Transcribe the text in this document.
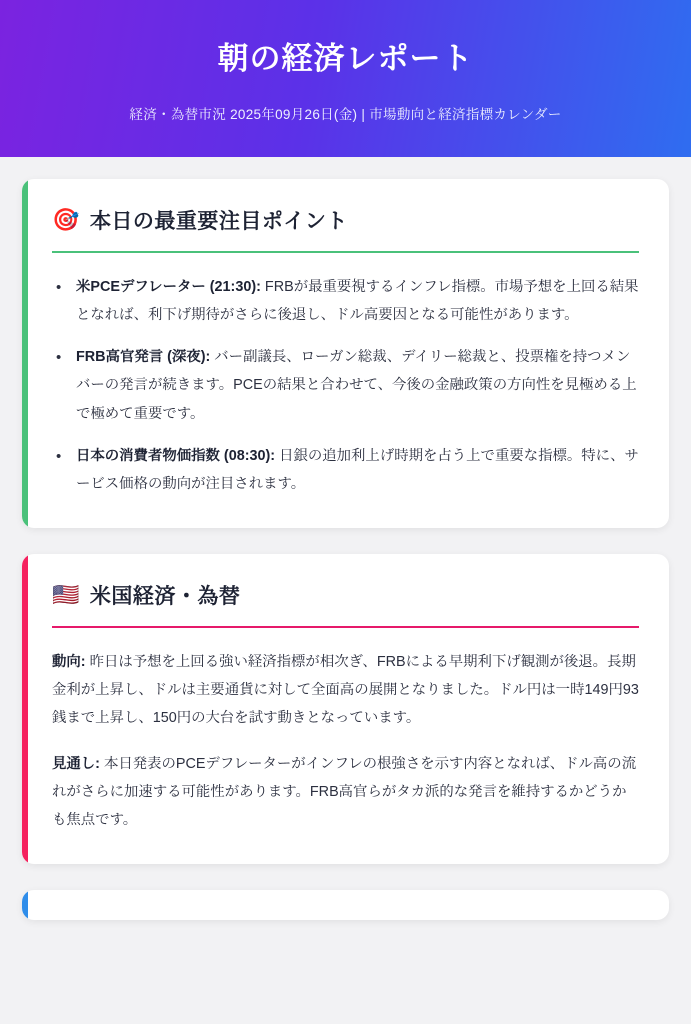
朝の経済レポート
経済・為替市況 2025年09月26日(金) | 市場動向と経済指標カレンダー
🎯 本日の最重要注目ポイント
• 米PCEデフレーター (21:30): FRBが最重要視するインフレ指標。市場予想を上回る結果となれば、利下げ期待がさらに後退し、ドル高要因となる可能性があります。
• FRB高官発言 (深夜): バー副議長、ローガン総裁、デイリー総裁と、投票権を持つメンバーの発言が続きます。PCEの結果と合わせて、今後の金融政策の方向性を見極める上で極めて重要です。
• 日本の消費者物価指数 (08:30): 日銀の追加利上げ時期を占う上で重要な指標。特に、サービス価格の動向が注目されます。
🇺🇸 米国経済・為替

動向: 昨日は予想を上回る強い経済指標が相次ぎ、FRBによる早期利下げ観測が後退。長期金利が上昇し、ドルは主要通貨に対して全面高の展開となりました。ドル円は一時149円93銭まで上昇し、150円の大台を試す動きとなっています。

見通し: 本日発表のPCEデフレーターがインフレの根強さを示す内容となれば、ドル高の流れがさらに加速する可能性があります。FRB高官らがタカ派的な発言を維持するかどうかも焦点です。
